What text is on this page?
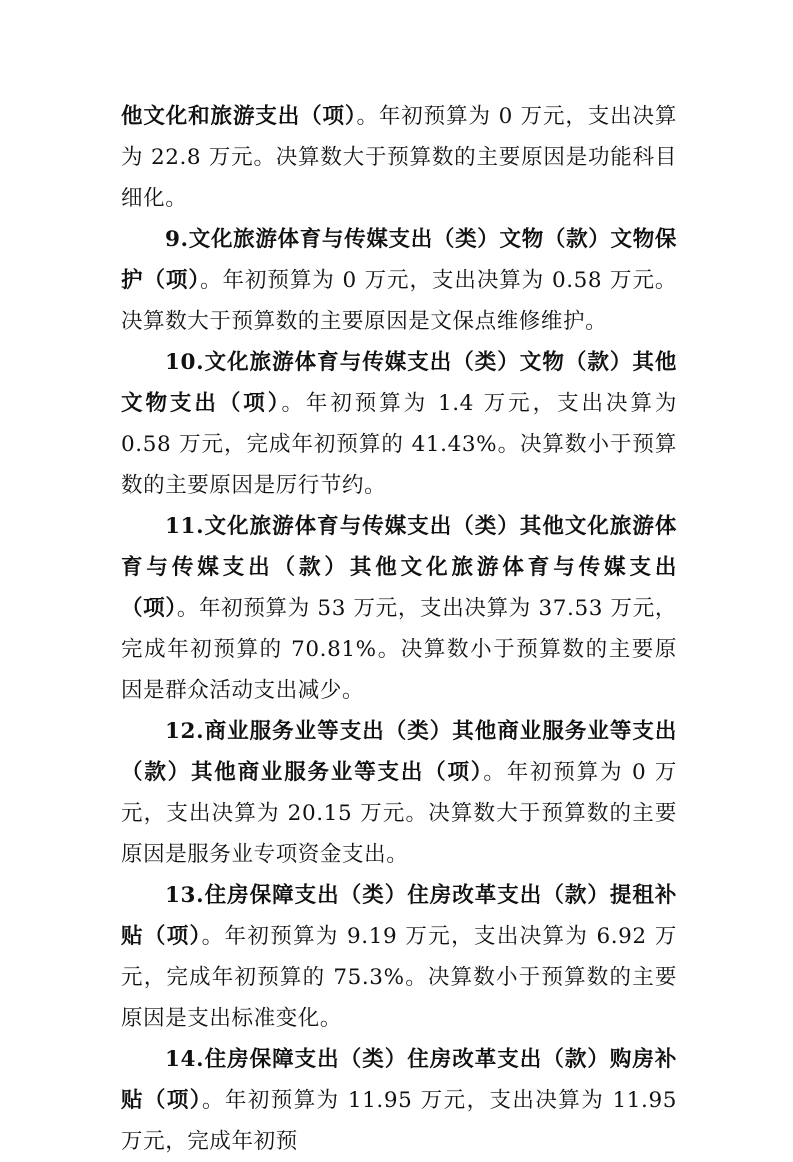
他文化和旅游支出（项）。年初预算为 0 万元，支出决算为 22.8 万元。决算数大于预算数的主要原因是功能科目细化。

9.文化旅游体育与传媒支出（类）文物（款）文物保护（项）。年初预算为 0 万元，支出决算为 0.58 万元。决算数大于预算数的主要原因是文保点维修维护。

10.文化旅游体育与传媒支出（类）文物（款）其他文物支出（项）。年初预算为 1.4 万元，支出决算为 0.58 万元，完成年初预算的 41.43%。决算数小于预算数的主要原因是厉行节约。

11.文化旅游体育与传媒支出（类）其他文化旅游体育与传媒支出（款）其他文化旅游体育与传媒支出（项）。年初预算为 53 万元，支出决算为 37.53 万元，完成年初预算的 70.81%。决算数小于预算数的主要原因是群众活动支出减少。

12.商业服务业等支出（类）其他商业服务业等支出（款）其他商业服务业等支出（项）。年初预算为 0 万元，支出决算为 20.15 万元。决算数大于预算数的主要原因是服务业专项资金支出。

13.住房保障支出（类）住房改革支出（款）提租补贴（项）。年初预算为 9.19 万元，支出决算为 6.92 万元，完成年初预算的 75.3%。决算数小于预算数的主要原因是支出标准变化。

14.住房保障支出（类）住房改革支出（款）购房补贴（项）。年初预算为 11.95 万元，支出决算为 11.95 万元，完成年初预
